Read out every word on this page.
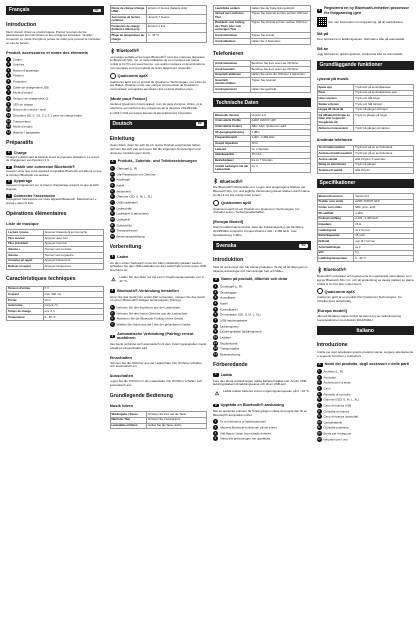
Français	FR
Introduction
Merci d'avoir choisi ce produit Hama. Prenez le temps de lire attentivement les instructions et les consignes suivantes. Veuillez conserver ce mode d'emploi à portée de main pour pouvoir le consulter en cas de besoin.
Produit, accessoires et noms des éléments
1 Coque
2 Ceinture
3 Bouton d'appairage
4 Fixation
5 Protection
6 Câble de chargement USB
7 Mode d'emploi
8 Tampon de chargement Qi
9 LED de charge
10 Bouton de marche / arrêt
11 Décodeur SD, 5, 3.5, 3.1, 5.1 paire de charge battre
12 Transmetteur
13 Mode d'emploi
14 Batterie / adaptateur
Préparatifs
1	Charge
Chargez entièrement la batterie avant la première utilisation. Le temps de chargement est d'environ 2 h.
2	Établir une connexion Bluetooth®
Assurez-vous que votre appareil compatible Bluetooth est allumé et que la fonction Bluetooth est activée.
3	Appairage
Appuyez longuement sur le bouton d'appairage jusqu'à ce que la LED clignote.
4	Connecter l'accessoire
Enregistrez l'accessoire sur votre appareil Bluetooth. Sélectionnez « Hama » dans la liste.
Opérations élémentaires
Liste de musique
Lecture / pause	Appuyez brièvement sur la touche
Titre suivant	Appuyez deux fois
Titre précédent	Appuyez trois fois
Volume +	Tournez vers la droite
Volume -	Tournez vers la gauche
Accepter un appel	Appuyez brièvement
Refuser un appel	Appuyez longuement
Caractéristiques techniques
Tension d'entrée	5 V
Courant	max. 500 mA
Portée	10 m
Autonomie	jusqu'à 7 h
Temps de charge	env. 2 h
Température	0 - 40 °C
Durée de charge (charge USB)	Environ 2 heures (batterie vide)
Autonomie de lecture continue	Jusqu'à 7 heures
Fréquence de charge (batterie Lithium-Ion)	Environ 1 fois
Plage de température de charge	0 - 45 °C
Bluetooth®
La marque verbale et les logos Bluetooth® sont des marques déposées de Bluetooth SIG, Inc. et toute utilisation de ces marques par Hama GmbH & Co KG est sous licence. Les autres marques et dénominations commerciales sont la propriété de leurs détenteurs respectifs.
Qualcomm aptX
Qualcomm aptX est un produit de Qualcomm Technologies, Inc. et/ou de ses filiales. Qualcomm est une marque commerciale de Qualcomm Incorporated, enregistrée aux États-Unis et dans d'autres pays.
[Mode pour France]
Déclarez Qualcomm Incorporated, nom du pays d'origine: Chine, et le téléphone est conforme aux exigences de la directive 2014/53/UE.
En 2016 © 2014 est marque déposée de Hama Electronics Corporation.
Deutsch	DE
Einleitung
Vielen Dank, dass Sie sich für ein Hama Produkt entschieden haben. Nehmen Sie sich Zeit und lesen Sie die folgenden Anweisungen und Hinweise zunächst ganz durch.
A	Produkt-, Zubehör- und Teilebezeichnungen
1 Ohrbügel (L, R)
2 Ohr-Passstücke mit Ohrhörer
3 Kopfbügel
4 Kabel
5 Bedienfeld
6 Ohrhörer (SD, S, M, L, XL)
7 USB-Ladekabel
8 Ladeschale
9 Ladekabel (Ladeschale)
10 Ladegerät
11 Schutzhülle
12 Transportbeutel
13 Bedienungsanleitung
Vorbereitung
1	Laden
Vor dem ersten Gebrauch muss der Akku vollständig geladen werden. Schließen Sie das USB-Ladekabel an die Ladeschale und an einen USB-Anschluss an.
⚠	Laden Sie den Akku nur bei einer Umgebungstemperatur von 0 - 40 °C.
2	Bluetooth®-Verbindung herstellen
Wenn Sie das Gerät zum ersten Mal verwenden, müssen Sie das Gerät mit einem Bluetooth®-fähigen Gerät koppeln (Pairing).
1 Nehmen Sie den Kopfhörer aus der Ladeschale.
2 Nehmen Sie den linken Ohrhörer aus der Ladeschale.
3 Aktivieren Sie die Bluetooth-Funktion Ihres Geräts.
4 Wählen Sie Hama aus der Liste der gefundenen Geräte.
3	Automatische Verbindung (Pairing) erneut ausführen
Das Gerät verbindet sich automatisch mit dem zuletzt gekoppelten Gerät, sobald es eingeschaltet wird.
Einschalten
Nehmen Sie die Ohrhörer aus der Ladeschale. Die Ohrhörer schalten sich automatisch ein.
Ausschalten
Legen Sie die Ohrhörer in die Ladeschale. Die Ohrhörer schalten sich automatisch aus.
Grundlegende Bedienung
Musik hören
Wiedergabe / Pause	Drücken Sie kurz auf die Taste
Nächster Titel	Drücken Sie zweimal kurz
Lautstärke erhöhen	Halten Sie die Taste rechts
Lautstärke senken	Halten Sie die Taste links gedrückt
Verlauf zum nächsten Titel	Tippen Sie zweimal auf den rechten Ohrhörer
Rückkehr zum Anfang des Titels oder zum vorherigen Titel	Tippen Sie dreimal auf den rechten Ohrhörer
Anruf annehmen	Tippen Sie einmal
Anruf ablehnen	Halten Sie 2 Sekunden
Telefonieren
Anruf annehmen	Berühren Sie kurz einen der Ohrhörer
Anruf beenden	Berühren Sie kurz einen der Ohrhörer
Gespräch ablehnen	Halten Sie einen der Ohrhörer 2 Sekunden
Gespräch stummschalten	Tippen Sie zweimal
Anruf ignorieren	Halten Sie gedrückt
Technische Daten
Bluetooth-Version	Version 5.0
Unterstützte Profile	A2DP, AVRCP, HFP
Unterstützte Codecs	SBC, AAC, Qualcomm aptX
HF-Ausgangsleistung	4 dBm
Frequenzbereich	2,402 - 2,480 GHz
Ansatz Impedanz	16 Ω
Ladezeit	ca. 2 Stunden
Akkukapazität	45 mAh
Betriebsdauer	bis zu 7 Stunden
Anzahl Ladungen mit der Ladeschale	ca. 3
Bluetooth®
Die Bluetooth®-Wortmarke und -Logos sind eingetragene Marken der Bluetooth SIG, Inc. und jegliche Verwendung dieser Marken durch Hama GmbH & Co KG erfolgt unter Lizenz.
Qualcomm aptX
Qualcomm aptX ist ein Produkt von Qualcomm Technologies, Inc. und/oder seinen Tochtergesellschaften.
[Europa Modell]
Hiermit erklärt Hama GmbH, dass der Funkanlagentyp der Richtlinie 2014/53/EU entspricht. Frequenzband 2,402 - 2,480 GHz, max. Sendeleistung 4 dBm.
Svenska	SV
Introduktion
Tack för att du köpt den här Hama-produkten. Ta dig tid att läsa igenom följande anvisningar och hänvisningar helt och hållet.
A	Namn på produkt, tillbehör och delar
1 Öronbygel (L, R)
2 Öronpluggar
3 Huvudband
4 Kabel
5 Kontrollpanel
6 Öronsnäckor (SD, S, M, L, XL)
7 USB-laddningskabel
8 Laddningsetui
9 Laddningskabel (laddningsetui)
10 Laddare
11 Skyddsfodral
12 Transportpåse
13 Bruksanvisning
Förberedande
1	Ladda
Före den första användningen måste batteriet laddas helt. Anslut USB-laddningskabeln till laddningsetuiet och till en USB-port.
⚠	Ladda endast batteriet vid en omgivningstemperatur på 0 - 40 °C.
2	Upprätta en Bluetooth®-anslutning
När du använder enheten för första gången måste du koppla den till en Bluetooth®-kompatibel enhet.
1 Ta ut hörlurarna ur laddningsetuiet.
2 Aktivera Bluetooth-funktionen på din enhet.
3 Välj Hama i listan över hittade enheter.
4 Vänta tills anslutningen har upprättats.
3	Registrera en ny Bluetooth-enhet/en processor för ihopparning igen
För mer information om ihopparning, gå till webbplatsen.
Slå på
Ta ut hörlurarna ur laddningsetuiet. Hörlurarna slås på automatiskt.
Slå av
Lägg hörlurarna i laddningsetuiet. Hörlurarna slås av automatiskt.
Grundläggande funktioner
Lyssna på musik
Spela upp	Tryck kort på kontrollpanelen
Paus	Tryck kort på kontrollpanelen igen
Höja volymen	Tryck och håll höger
Sänka volymen	Tryck och håll vänster
Hoppa till nästa låt	Tryck två gånger på höger
Gå tillbaka till början av låten eller hoppa till föregående låt	Tryck tre gånger på höger
Aktivera röstassistent	Tryck två gånger på vänster
Använda telefonen
Ta ett telefonsamtal	Tryck kort på en av hörlurarna
Avsluta ett telefonsamtal	Tryck kort på en av hörlurarna
Avvisa samtal	Håll intryckt i 2 sekunder
Stäng av mikrofonen	Tryck två gånger
Avsluta ett samtal	Håll intryckt
Specifikationer
Bluetooth-version	Version 5.0
Profiler som stöds	A2DP, AVRCP, HFP
Codec som stöds	SBC, AAC, aptX
RF-uteffekt	4 dBm
Frekvensomfång	2,402 - 2,480 GHz
Impedans	16 Ω
Laddningstid	ca 2 timmar
Batterikapacitet	45 mAh
Driftstid	upp till 7 timmar
Antal laddningar	ca 3
Vikt	5 g
Laddningstemperatur	0 - 40 °C
Bluetooth®
Bluetooth®-ordmärket och logotyperna är registrerade varumärken som ägs av Bluetooth SIG, Inc. och all användning av dessa märken av Hama GmbH & Co KG sker under licens.
Qualcomm aptX
Qualcomm aptX är en produkt från Qualcomm Technologies, Inc. och/eller dess dotterbolag.
[Europa modell]
Härmed försäkrar Hama GmbH att denna typ av radioutrustning överensstämmer med direktiv 2014/53/EU.
Italiano
Introduzione
Grazie per aver acquistato questo prodotto Hama. Leggere attentamente le seguenti istruzioni e indicazioni.
A	Nomi del prodotto, degli accessori e delle parti
1 Archetto (L, R)
2 Auricolari
3 Archetto per la testa
4 Cavo
5 Pannello di controllo
6 Gommini (SD, S, M, L, XL)
7 Cavo di ricarica USB
8 Custodia di ricarica
9 Cavo di ricarica (custodia)
10 Caricabatterie
11 Custodia protettiva
12 Borsa per il trasporto
13 Istruzioni per l'uso
